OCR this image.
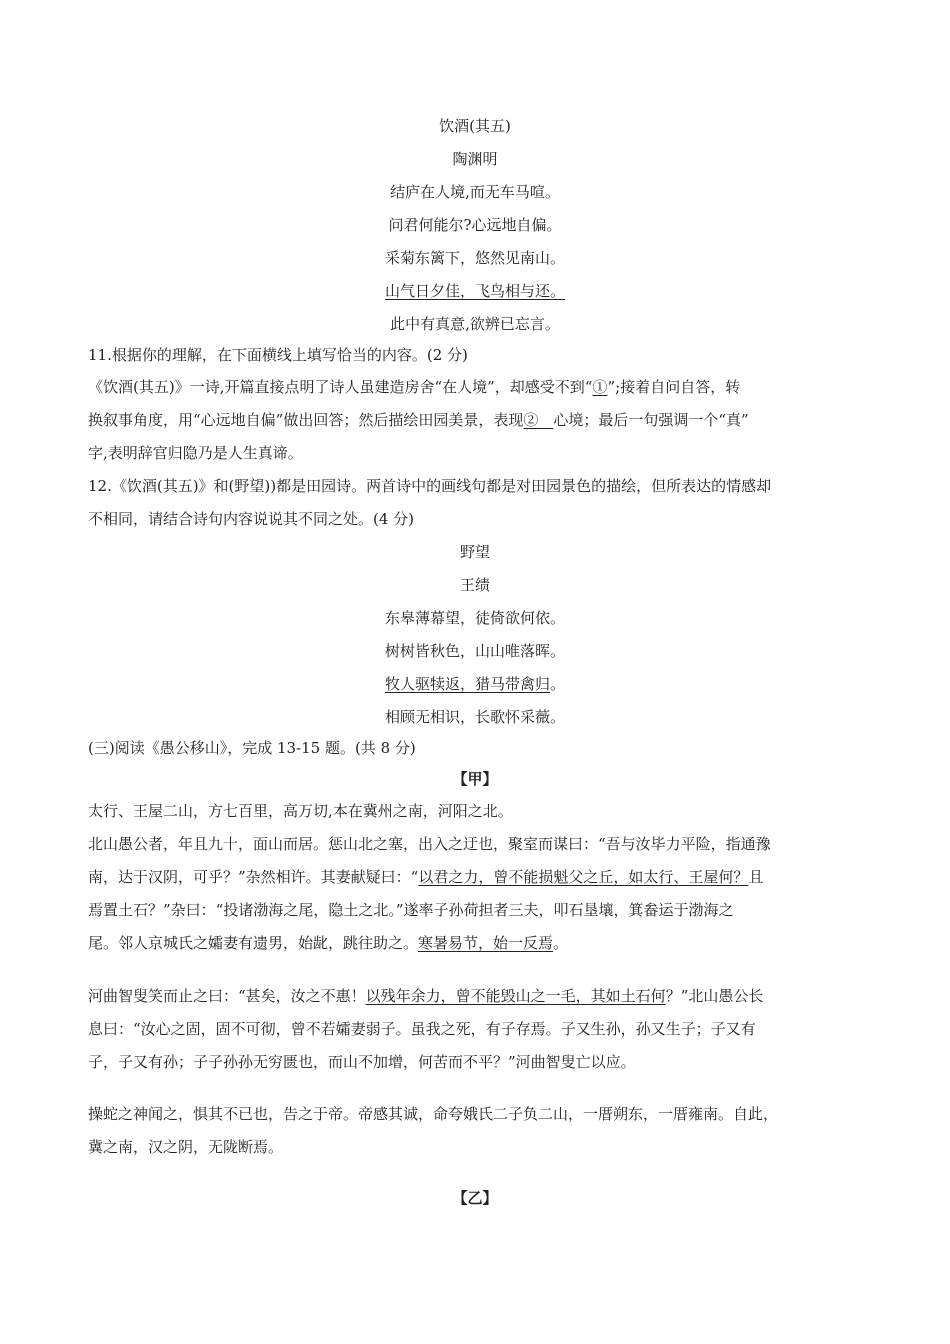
饮酒(其五)
陶渊明
结庐在人境,而无车马喧。
问君何能尔?心远地自偏。
采菊东篱下，悠然见南山。
山气日夕佳，飞鸟相与还。
此中有真意,欲辨已忘言。
11.根据你的理解，在下面横线上填写恰当的内容。(2 分)
《饮酒(其五)》一诗,开篇直接点明了诗人虽建造房舍“在人境”，却感受不到“①”;接着自问自答，转
换叙事角度，用“心远地自偏”做出回答；然后描绘田园美景，表现②　心境；最后一句强调一个“真”
字,表明辞官归隐乃是人生真谛。
12.《饮酒(其五)》和(野望))都是田园诗。两首诗中的画线句都是对田园景色的描绘，但所表达的情感却
不相同，请结合诗句内容说说其不同之处。(4 分)
野望
王绩
东皋薄幕望，徒倚欲何依。
树树皆秋色，山山唯落晖。
牧人驱犊返，猎马带禽归。
相顾无相识，长歌怀采薇。
(三)阅读《愚公移山》，完成 13-15 题。(共 8 分)
【甲】
太行、王屋二山，方七百里，高万切,本在冀州之南，河阳之北。
北山愚公者，年且九十，面山而居。惩山北之塞，出入之迂也，聚室而谋曰：“吾与汝毕力平险，指通豫
南，达于汉阴，可乎？”杂然相许。其妻献疑曰：“以君之力，曾不能损魁父之丘，如太行、王屋何？且
焉置土石？”杂曰：“投诸渤海之尾，隐土之北。”遂率子孙荷担者三夫，叩石垦壤，箕畚运于渤海之
尾。邻人京城氏之孀妻有遗男，始龀，跳往助之。寒暑易节，始一反焉。
河曲智叟笑而止之曰：“甚矣，汝之不惠！以残年余力，曾不能毁山之一毛，其如土石何？”北山愚公长
息曰：“汝心之固，固不可彻，曾不若孀妻弱子。虽我之死，有子存焉。子又生孙，孙又生子；子又有
子，子又有孙；子子孙孙无穷匮也，而山不加增，何苦而不平？”河曲智叟亡以应。
操蛇之神闻之，惧其不已也，告之于帝。帝感其诚，命夸娥氏二子负二山，一厝朔东，一厝雍南。自此，
冀之南，汉之阴，无陇断焉。
【乙】
